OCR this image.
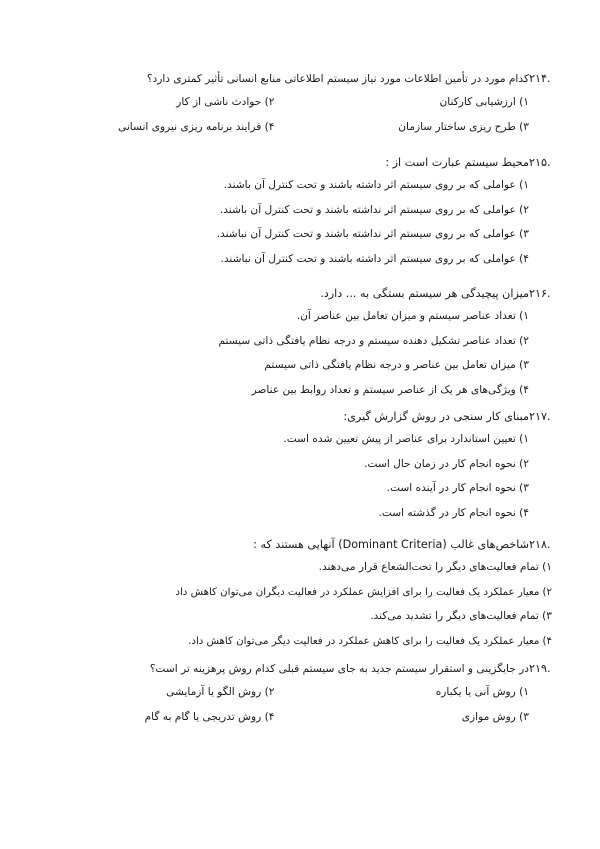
۲۱۴.
کدام مورد در تأمین اطلاعات مورد نیاز سیستم اطلاعاتی منابع انسانی تأثیر کمتری دارد؟
۱) ارزشیابی کارکنان
۲) حوادث ناشی از کار
۳) طرح ریزی ساختار سازمان
۴) فرایند برنامه ریزی نیروی انسانی
۲۱۵.
محیط سیستم عبارت است از :
۱) عواملی که بر روی سیستم اثر داشته باشند و تحت کنترل آن باشند.
۲) عواملی که بر روی سیستم اثر نداشته باشند و تحت کنترل آن باشند.
۳) عواملی که بر روی سیستم اثر نداشته باشند و تحت کنترل آن نباشند.
۴) عواملی که بر روی سیستم اثر داشته باشند و تحت کنترل آن نباشند.
۲۱۶.
میزان پیچیدگی هر سیستم بستگی به ... دارد.
۱) تعداد عناصر سیستم و میزان تعامل بین عناصر آن.
۲) تعداد عناصر تشکیل دهنده سیستم و درجه نظام یافتگی ذاتی سیستم
۳) میزان تعامل بین عناصر و درجه نظام یافتگی ذاتی سیستم
۴) ویژگی‌های هر یک از عناصر سیستم و تعداد روابط بین عناصر
۲۱۷.
مبنای کار سنجی در روش گزارش گیری:
۱) تعیین استاندارد برای عناصر از پیش تعیین شده است.
۲) نحوه انجام کار در زمان حال است.
۳) نحوه انجام کار در آینده است.
۴) نحوه انجام کار در گذشته است.
۲۱۸.
شاخص‌های غالب (Dominant Criteria) آنهایی هستند که :
۱) تمام فعالیت‌های دیگر را تحت‌الشعاع قرار می‌دهند.
۲) معیار عملکرد یک فعالیت را برای افزایش عملکرد در فعالیت دیگران می‌توان کاهش داد
۳) تمام فعالیت‌های دیگر را تشدید می‌کند.
۴) معیار عملکرد یک فعالیت را برای کاهش عملکرد در فعالیت دیگر می‌توان کاهش داد.
۲۱۹.
در جایگزینی و استقرار سیستم جدید به جای سیستم قبلی کدام روش پرهزینه تر است؟
۱) روش آنی یا یکباره
۲) روش الگو یا آزمایشی
۳) روش موازی
۴) روش تدریجی یا گام به گام
